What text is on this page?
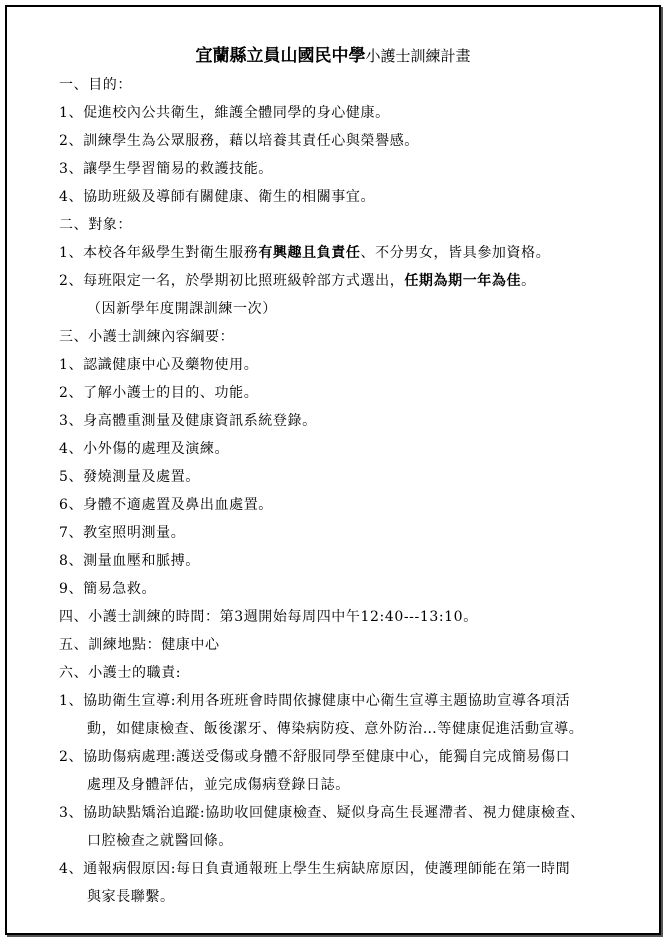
宜蘭縣立員山國民中學小護士訓練計畫
一、目的：
1、促進校內公共衛生，維護全體同學的身心健康。
2、訓練學生為公眾服務，藉以培養其責任心與榮譽感。
3、讓學生學習簡易的救護技能。
4、協助班級及導師有關健康、衛生的相關事宜。
二、對象：
1、本校各年級學生對衛生服務有興趣且負責任、不分男女，皆具參加資格。
2、每班限定一名，於學期初比照班級幹部方式選出，任期為期一年為佳。
（因新學年度開課訓練一次）
三、小護士訓練內容綱要：
1、認識健康中心及藥物使用。
2、了解小護士的目的、功能。
3、身高體重測量及健康資訊系統登錄。
4、小外傷的處理及演練。
5、發燒測量及處置。
6、身體不適處置及鼻出血處置。
7、教室照明測量。
8、測量血壓和脈搏。
9、簡易急救。
四、小護士訓練的時間：第3週開始每周四中午12:40---13:10。
五、訓練地點：健康中心
六、小護士的職責:
1、協助衛生宣導:利用各班班會時間依據健康中心衛生宣導主題協助宣導各項活
動，如健康檢查、飯後潔牙、傳染病防疫、意外防治…等健康促進活動宣導。
2、協助傷病處理:護送受傷或身體不舒服同學至健康中心，能獨自完成簡易傷口
處理及身體評估，並完成傷病登錄日誌。
3、協助缺點矯治追蹤:協助收回健康檢查、疑似身高生長遲滯者、視力健康檢查、
口腔檢查之就醫回條。
4、通報病假原因:每日負責通報班上學生生病缺席原因，使護理師能在第一時間
與家長聯繫。
